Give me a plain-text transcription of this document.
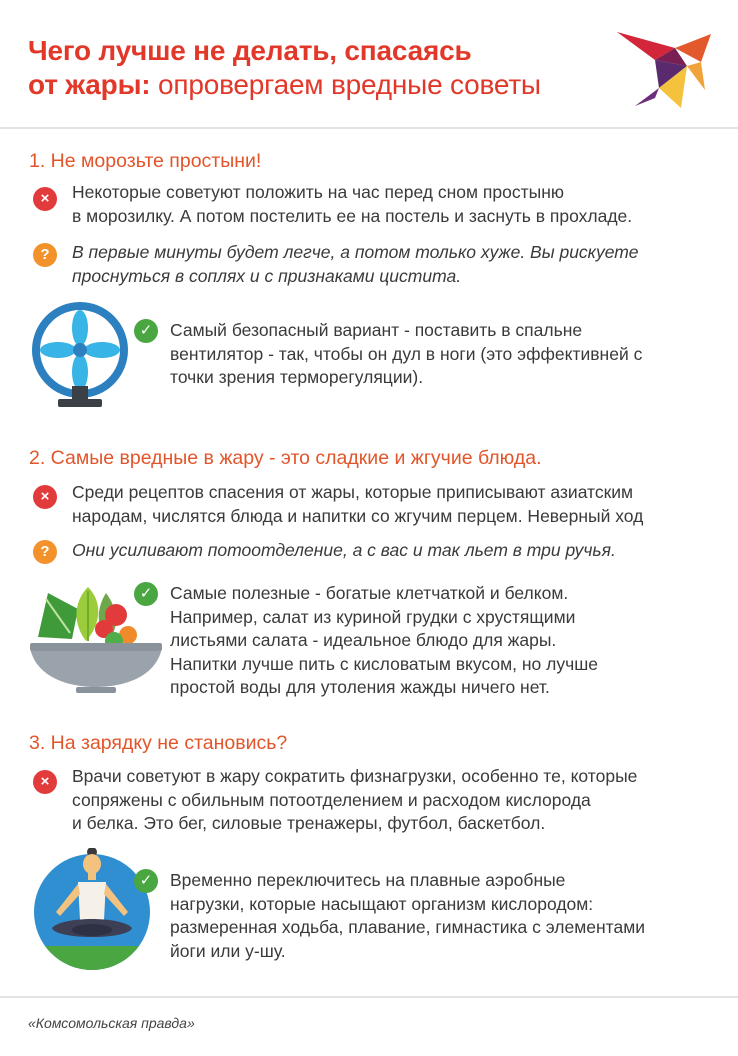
Чего лучше не делать, спасаясь
от жары: опровергаем вредные советы
1. Не морозьте простыни!
×	Некоторые советуют положить на час перед сном простыню
в морозилку. А потом постелить ее на постель и заснуть в прохладе.
?	В первые минуты будет легче, а потом только хуже. Вы рискуете
проснуться в соплях и с признаками цистита.
✓	Самый безопасный вариант - поставить в спальне
вентилятор - так, чтобы он дул в ноги (это эффективней с
точки зрения терморегуляции).
2. Самые вредные в жару - это сладкие и жгучие блюда.
×	Среди рецептов спасения от жары, которые приписывают азиатским
народам, числятся блюда и напитки со жгучим перцем. Неверный ход
?	Они усиливают потоотделение, а с вас и так льет в три ручья.
✓	Самые полезные - богатые клетчаткой и белком.
Например, салат из куриной грудки с хрустящими
листьями салата - идеальное блюдо для жары.
Напитки лучше пить с кисловатым вкусом, но лучше
простой воды для утоления жажды ничего нет.
3. На зарядку не становись?
×	Врачи советуют в жару сократить физнагрузки, особенно те, которые
сопряжены с обильным потоотделением и расходом кислорода
и белка. Это бег, силовые тренажеры, футбол, баскетбол.
✓	Временно переключитесь на плавные аэробные
нагрузки, которые насыщают организм кислородом:
размеренная ходьба, плавание, гимнастика с элементами
йоги или у-шу.
«Комсомольская правда»
